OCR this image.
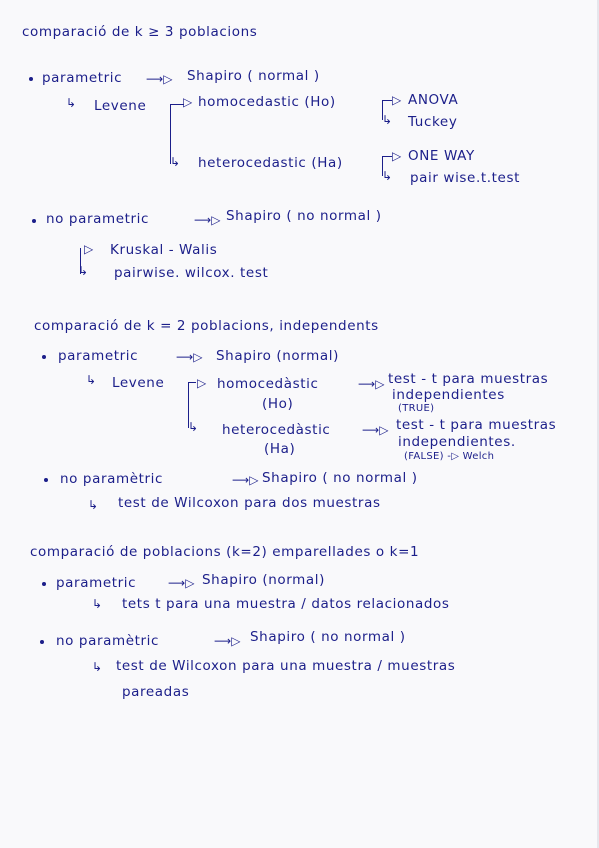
comparació de k ≥ 3 poblacions
parametric ⟶▷ Shapiro ( normal )
↳ Levene	▷ homocedastic (Ho)	▷ ANOVA
↳ Tuckey
↳ heterocedastic (Ha)	▷ ONE WAY
↳ pair wise.t.test
no parametric	⟶▷ Shapiro ( no normal )
▷ Kruskal - Walis
↳ pairwise. wilcox. test
comparació de k = 2 poblacions, independents
parametric	⟶▷ Shapiro (normal)
↳ Levene	▷ homocedàstic
(Ho)
⟶▷ test - t para muestras
independientes
(TRUE)
↳ heterocedàstic
(Ha)
⟶▷ test - t para muestras
independientes.
(FALSE) -▷ Welch
no paramètric	⟶▷ Shapiro ( no normal )
↳ test de Wilcoxon para dos muestras
comparació de poblacions (k=2) emparellades o k=1
parametric	⟶▷ Shapiro (normal)
↳ tets t para una muestra / datos relacionados
no paramètric	⟶▷ Shapiro ( no normal )
↳ test de Wilcoxon para una muestra / muestras
pareadas
